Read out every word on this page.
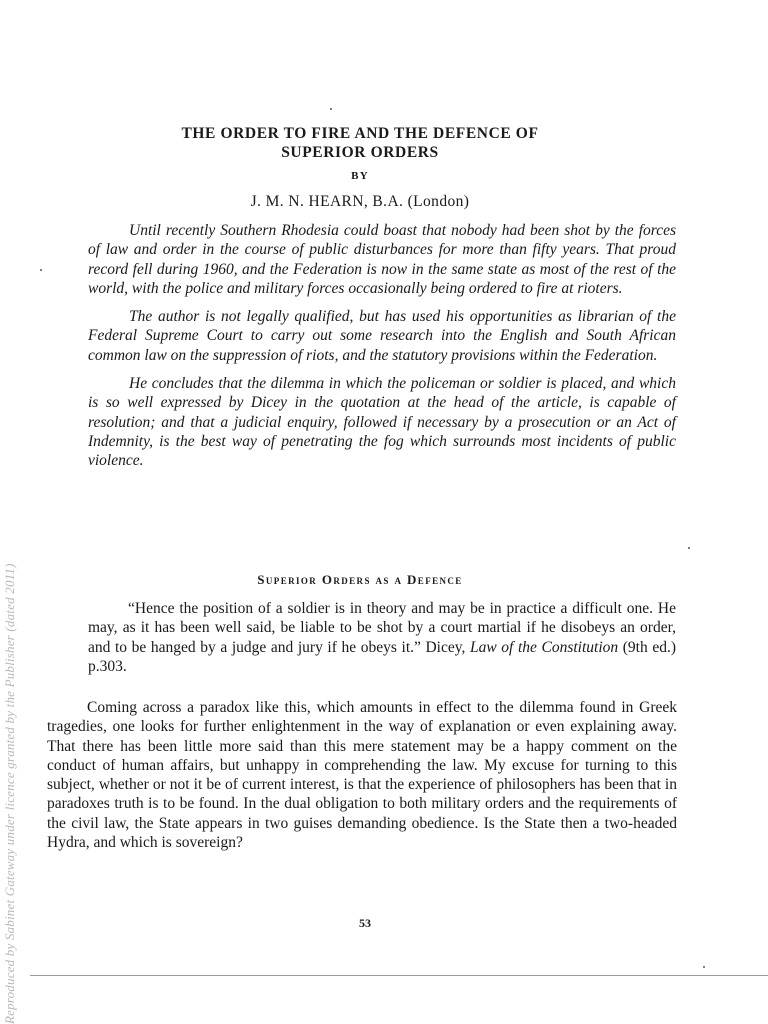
THE ORDER TO FIRE AND THE DEFENCE OF
SUPERIOR ORDERS
BY
J. M. N. HEARN, B.A. (London)

Until recently Southern Rhodesia could boast that nobody had been shot by the forces of law and order in the course of public disturbances for more than fifty years. That proud record fell during 1960, and the Federation is now in the same state as most of the rest of the world, with the police and military forces occasionally being ordered to fire at rioters.

The author is not legally qualified, but has used his opportunities as librarian of the Federal Supreme Court to carry out some research into the English and South African common law on the suppression of riots, and the statutory provisions within the Federation.

He concludes that the dilemma in which the policeman or soldier is placed, and which is so well expressed by Dicey in the quotation at the head of the article, is capable of resolution; and that a judicial enquiry, followed if necessary by a prosecution or an Act of Indemnity, is the best way of penetrating the fog which surrounds most incidents of public violence.

Superior Orders as a Defence

“Hence the position of a soldier is in theory and may be in practice a difficult one. He may, as it has been well said, be liable to be shot by a court martial if he disobeys an order, and to be hanged by a judge and jury if he obeys it.” Dicey, Law of the Constitution (9th ed.) p.303.

Coming across a paradox like this, which amounts in effect to the dilemma found in Greek tragedies, one looks for further enlightenment in the way of explanation or even explaining away. That there has been little more said than this mere statement may be a happy comment on the conduct of human affairs, but unhappy in comprehending the law. My excuse for turning to this subject, whether or not it be of current interest, is that the experience of philosophers has been that in paradoxes truth is to be found. In the dual obligation to both military orders and the requirements of the civil law, the State appears in two guises demanding obedience. Is the State then a two-headed Hydra, and which is sovereign?

53
Reproduced by Sabinet Gateway under licence granted by the Publisher (dated 2011)
